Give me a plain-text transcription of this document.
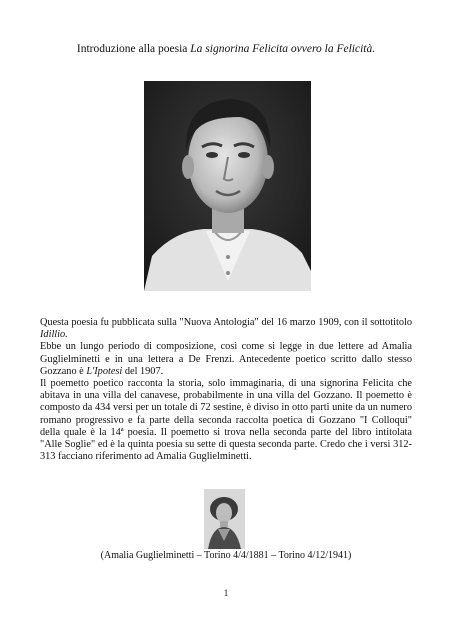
Introduzione alla poesia La signorina Felicita ovvero la Felicità.

Questa poesia fu pubblicata sulla "Nuova Antologia" del 16 marzo 1909, con il sottotitolo Idillio.

Ebbe un lungo periodo di composizione, così come si legge in due lettere ad Amalia Guglielminetti e in una lettera a De Frenzi. Antecedente poetico scritto dallo stesso Gozzano è L'Ipotesi del 1907.

Il poemetto poetico racconta la storia, solo immaginaria, di una signorina Felicita che abitava in una villa del canavese, probabilmente in una villa del Gozzano. Il poemetto è composto da 434 versi per un totale di 72 sestine, è diviso in otto parti unite da un numero romano progressivo e fa parte della seconda raccolta poetica di Gozzano "I Colloqui" della quale è la 14ª poesia. Il poemetto si trova nella seconda parte del libro intitolata "Alle Soglie" ed è la quinta poesia su sette di questa seconda parte. Credo che i versi 312-313 facciano riferimento ad Amalia Guglielminetti.

(Amalia Guglielminetti – Torino 4/4/1881 – Torino 4/12/1941)
1
